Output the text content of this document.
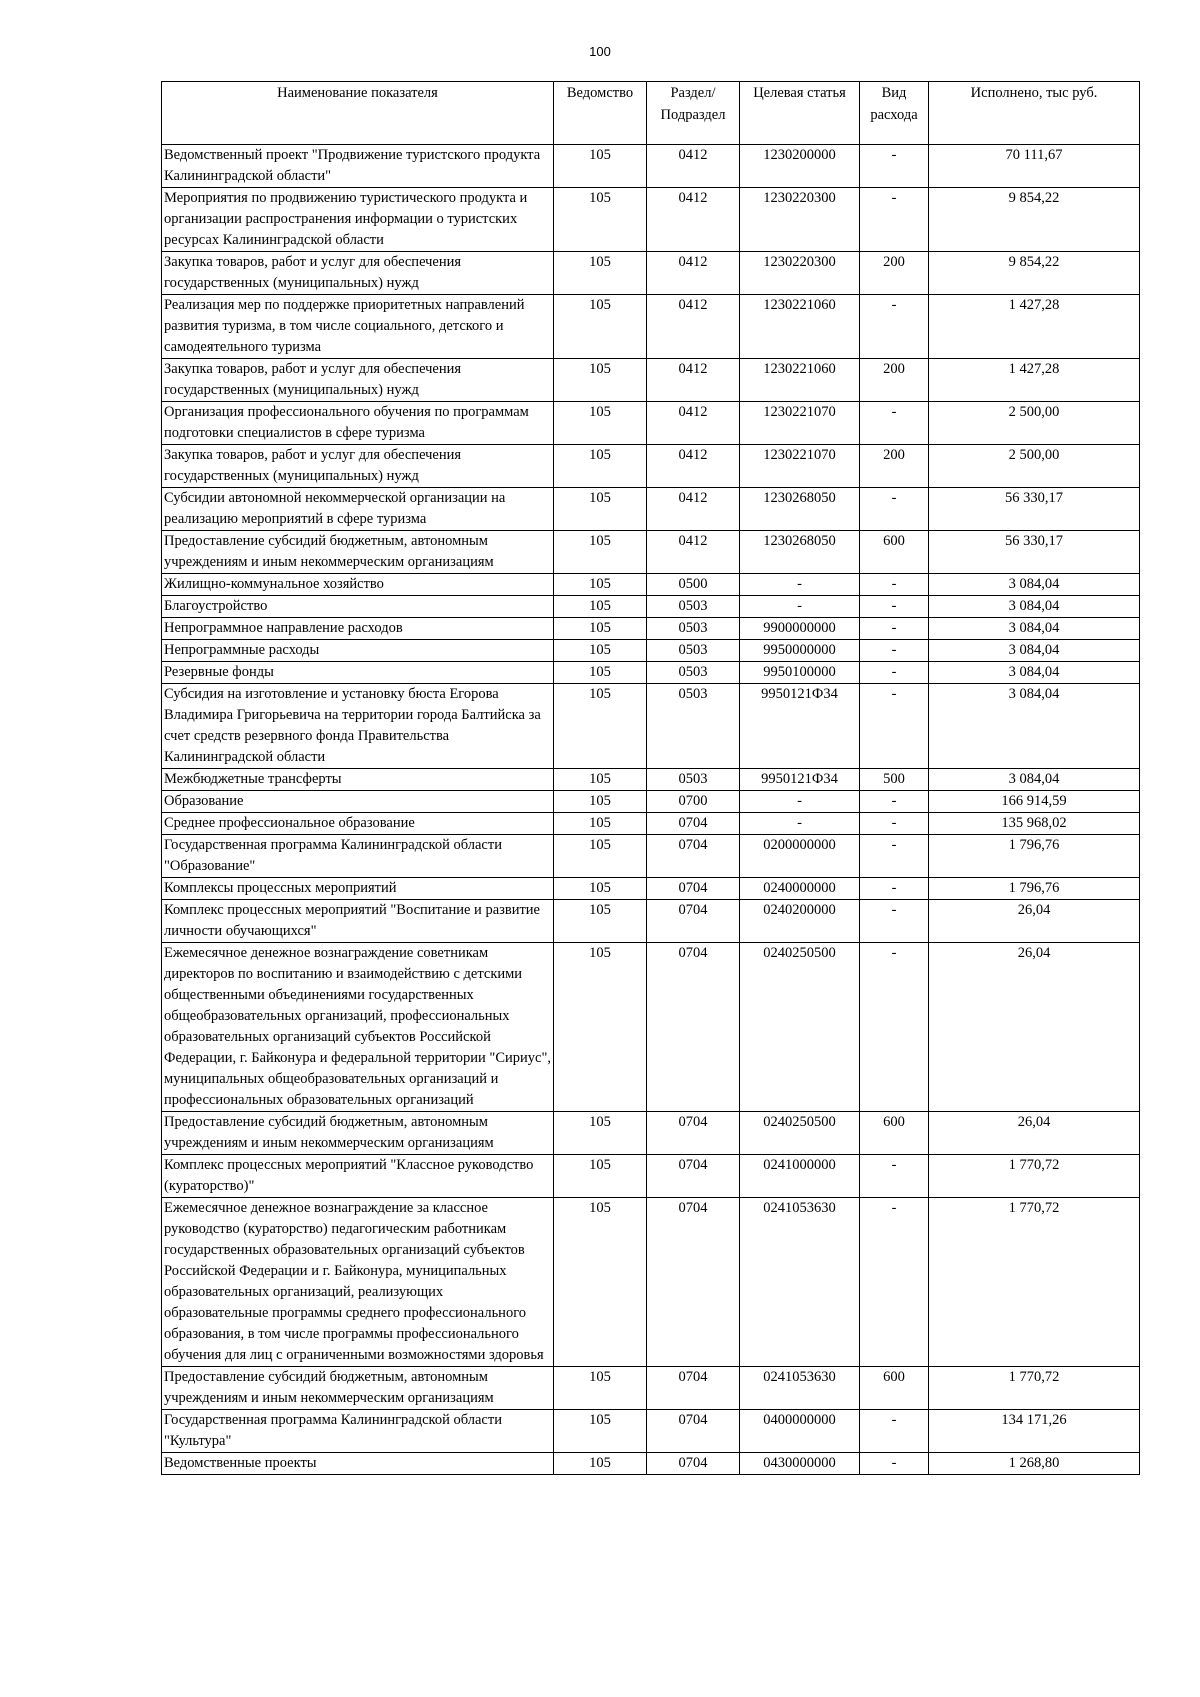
100
Наименование показателя	Ведомство	Раздел/ Подраздел	Целевая статья	Вид расхода	Исполнено, тыс руб.
Ведомственный проект "Продвижение туристского продукта Калининградской области"	105	0412	1230200000	-	70 111,67
Мероприятия по продвижению туристического продукта и организации распространения информации о туристских ресурсах Калининградской области	105	0412	1230220300	-	9 854,22
Закупка товаров, работ и услуг для обеспечения государственных (муниципальных) нужд	105	0412	1230220300	200	9 854,22
Реализация мер по поддержке приоритетных направлений развития туризма, в том числе социального, детского и самодеятельного туризма	105	0412	1230221060	-	1 427,28
Закупка товаров, работ и услуг для обеспечения государственных (муниципальных) нужд	105	0412	1230221060	200	1 427,28
Организация профессионального обучения по программам подготовки специалистов в сфере туризма	105	0412	1230221070	-	2 500,00
Закупка товаров, работ и услуг для обеспечения государственных (муниципальных) нужд	105	0412	1230221070	200	2 500,00
Субсидии автономной некоммерческой организации на реализацию мероприятий в сфере туризма	105	0412	1230268050	-	56 330,17
Предоставление субсидий бюджетным, автономным учреждениям и иным некоммерческим организациям	105	0412	1230268050	600	56 330,17
Жилищно-коммунальное хозяйство	105	0500	-	-	3 084,04
Благоустройство	105	0503	-	-	3 084,04
Непрограммное направление расходов	105	0503	9900000000	-	3 084,04
Непрограммные расходы	105	0503	9950000000	-	3 084,04
Резервные фонды	105	0503	9950100000	-	3 084,04
Субсидия на изготовление и установку бюста Егорова Владимира Григорьевича на территории города Балтийска за счет средств резервного фонда Правительства Калининградской области	105	0503	9950121Ф34	-	3 084,04
Межбюджетные трансферты	105	0503	9950121Ф34	500	3 084,04
Образование	105	0700	-	-	166 914,59
Среднее профессиональное образование	105	0704	-	-	135 968,02
Государственная программа Калининградской области "Образование"	105	0704	0200000000	-	1 796,76
Комплексы процессных мероприятий	105	0704	0240000000	-	1 796,76
Комплекс процессных мероприятий "Воспитание и развитие личности обучающихся"	105	0704	0240200000	-	26,04
Ежемесячное денежное вознаграждение советникам директоров по воспитанию и взаимодействию с детскими общественными объединениями государственных общеобразовательных организаций, профессиональных образовательных организаций субъектов Российской Федерации, г. Байконура и федеральной территории "Сириус", муниципальных общеобразовательных организаций и профессиональных образовательных организаций	105	0704	0240250500	-	26,04
Предоставление субсидий бюджетным, автономным учреждениям и иным некоммерческим организациям	105	0704	0240250500	600	26,04
Комплекс процессных мероприятий "Классное руководство (кураторство)"	105	0704	0241000000	-	1 770,72
Ежемесячное денежное вознаграждение за классное руководство (кураторство) педагогическим работникам государственных образовательных организаций субъектов Российской Федерации и г. Байконура, муниципальных образовательных организаций, реализующих образовательные программы среднего профессионального образования, в том числе программы профессионального обучения для лиц с ограниченными возможностями здоровья	105	0704	0241053630	-	1 770,72
Предоставление субсидий бюджетным, автономным учреждениям и иным некоммерческим организациям	105	0704	0241053630	600	1 770,72
Государственная программа Калининградской области "Культура"	105	0704	0400000000	-	134 171,26
Ведомственные проекты	105	0704	0430000000	-	1 268,80
